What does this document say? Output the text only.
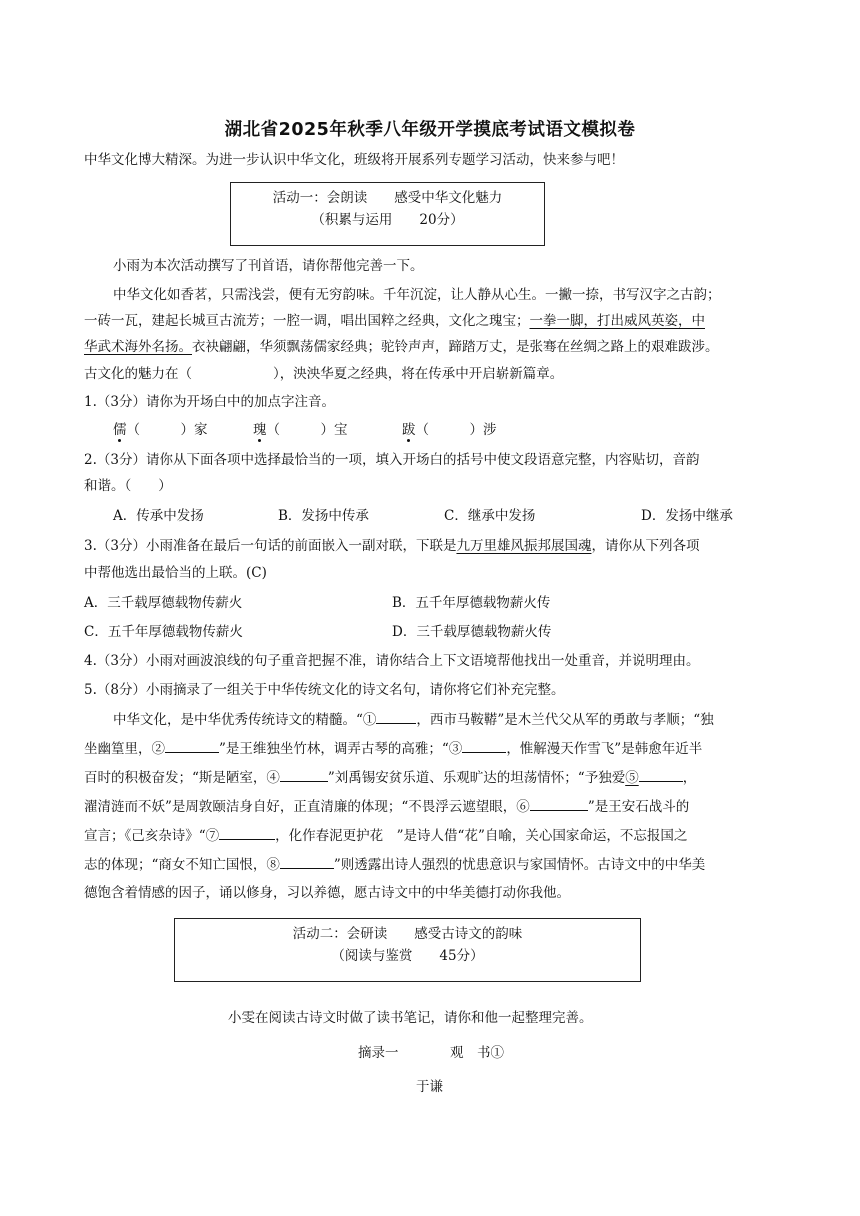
湖北省2025年秋季八年级开学摸底考试语文模拟卷
中华文化博大精深。为进一步认识中华文化，班级将开展系列专题学习活动，快来参与吧！
活动一：会朗读　　感受中华文化魅力
（积累与运用　　20分）
小雨为本次活动撰写了刊首语，请你帮他完善一下。
中华文化如香茗，只需浅尝，便有无穷韵味。千年沉淀，让人静从心生。一撇一捺，书写汉字之古韵；
一砖一瓦，建起长城亘古流芳；一腔一调，唱出国粹之经典，文化之瑰宝；一拳一脚，打出威风英姿，中
华武术海外名扬。衣袂翩翩，华须飘荡儒家经典；驼铃声声，蹄踏万丈，是张骞在丝绸之路上的艰难跋涉。
古文化的魅力在（　　　　　　），泱泱华夏之经典，将在传承中开启崭新篇章。
1.（3分）请你为开场白中的加点字注音。
儒（　　　）家	瑰（　　　）宝	跋（　　　）涉
2.（3分）请你从下面各项中选择最恰当的一项，填入开场白的括号中使文段语意完整，内容贴切，音韵
和谐。（　　）
A．传承中发扬	B．发扬中传承	C．继承中发扬	D．发扬中继承
3.（3分）小雨准备在最后一句话的前面嵌入一副对联，下联是九万里雄风振邦展国魂，请你从下列各项
中帮他选出最恰当的上联。(C)
A．三千载厚德载物传薪火	B．五千年厚德载物薪火传
C．五千年厚德载物传薪火	D．三千载厚德载物薪火传
4.（3分）小雨对画波浪线的句子重音把握不准，请你结合上下文语境帮他找出一处重音，并说明理由。
5.（8分）小雨摘录了一组关于中华传统文化的诗文名句，请你将它们补充完整。
中华文化，是中华优秀传统诗文的精髓。“①	，西市马鞍鞯”是木兰代父从军的勇敢与孝顺；“独
坐幽篁里，②	”是王维独坐竹林，调弄古琴的高雅；“③	，惟解漫天作雪飞”是韩愈年近半
百时的积极奋发；“斯是陋室，④	”刘禹锡安贫乐道、乐观旷达的坦荡情怀；“予独爱⑤	，
濯清涟而不妖”是周敦颐洁身自好，正直清廉的体现；“不畏浮云遮望眼，⑥	”是王安石战斗的
宣言；《己亥杂诗》“⑦	，化作春泥更护花　”是诗人借“花”自喻，关心国家命运，不忘报国之
志的体现；“商女不知亡国恨，⑧	”则透露出诗人强烈的忧患意识与家国情怀。古诗文中的中华美
德饱含着情感的因子，诵以修身，习以养德，愿古诗文中的中华美德打动你我他。
活动二：会研读　　感受古诗文的韵味
（阅读与鉴赏　　45分）
小雯在阅读古诗文时做了读书笔记，请你和他一起整理完善。
摘录一	观　书①
于谦
